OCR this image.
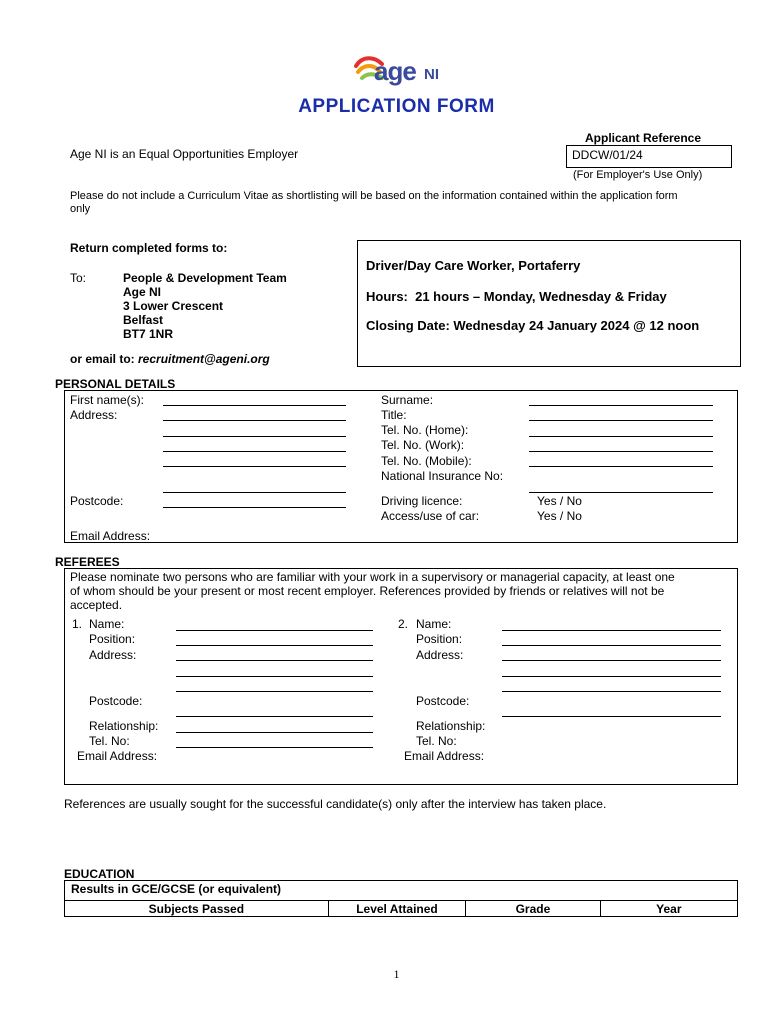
age NI
APPLICATION FORM
Age NI is an Equal Opportunities Employer
Applicant Reference
DDCW/01/24
(For Employer's Use Only)
Please do not include a Curriculum Vitae as shortlisting will be based on the information contained within the application form
only
Return completed forms to:
To:	People & Development Team
Age NI
3 Lower Crescent
Belfast
BT7 1NR
or email to: recruitment@ageni.org
Driver/Day Care Worker, Portaferry
Hours:  21 hours – Monday, Wednesday & Friday
Closing Date: Wednesday 24 January 2024 @ 12 noon
PERSONAL DETAILS
First name(s):
Address:
Postcode:
Email Address:
Surname:
Title:
Tel. No. (Home):
Tel. No. (Work):
Tel. No. (Mobile):
National Insurance No:
Driving licence:	Yes / No
Access/use of car:	Yes / No
REFEREES
Please nominate two persons who are familiar with your work in a supervisory or managerial capacity, at least one
of whom should be your present or most recent employer. References provided by friends or relatives will not be
accepted.
1. Name:
Position:
Address:
Postcode:
Relationship:
Tel. No:
Email Address:
2. Name:
Position:
Address:
Postcode:
Relationship:
Tel. No:
Email Address:
References are usually sought for the successful candidate(s) only after the interview has taken place.
EDUCATION
Results in GCE/GCSE (or equivalent)
Subjects Passed	Level Attained	Grade	Year
1
